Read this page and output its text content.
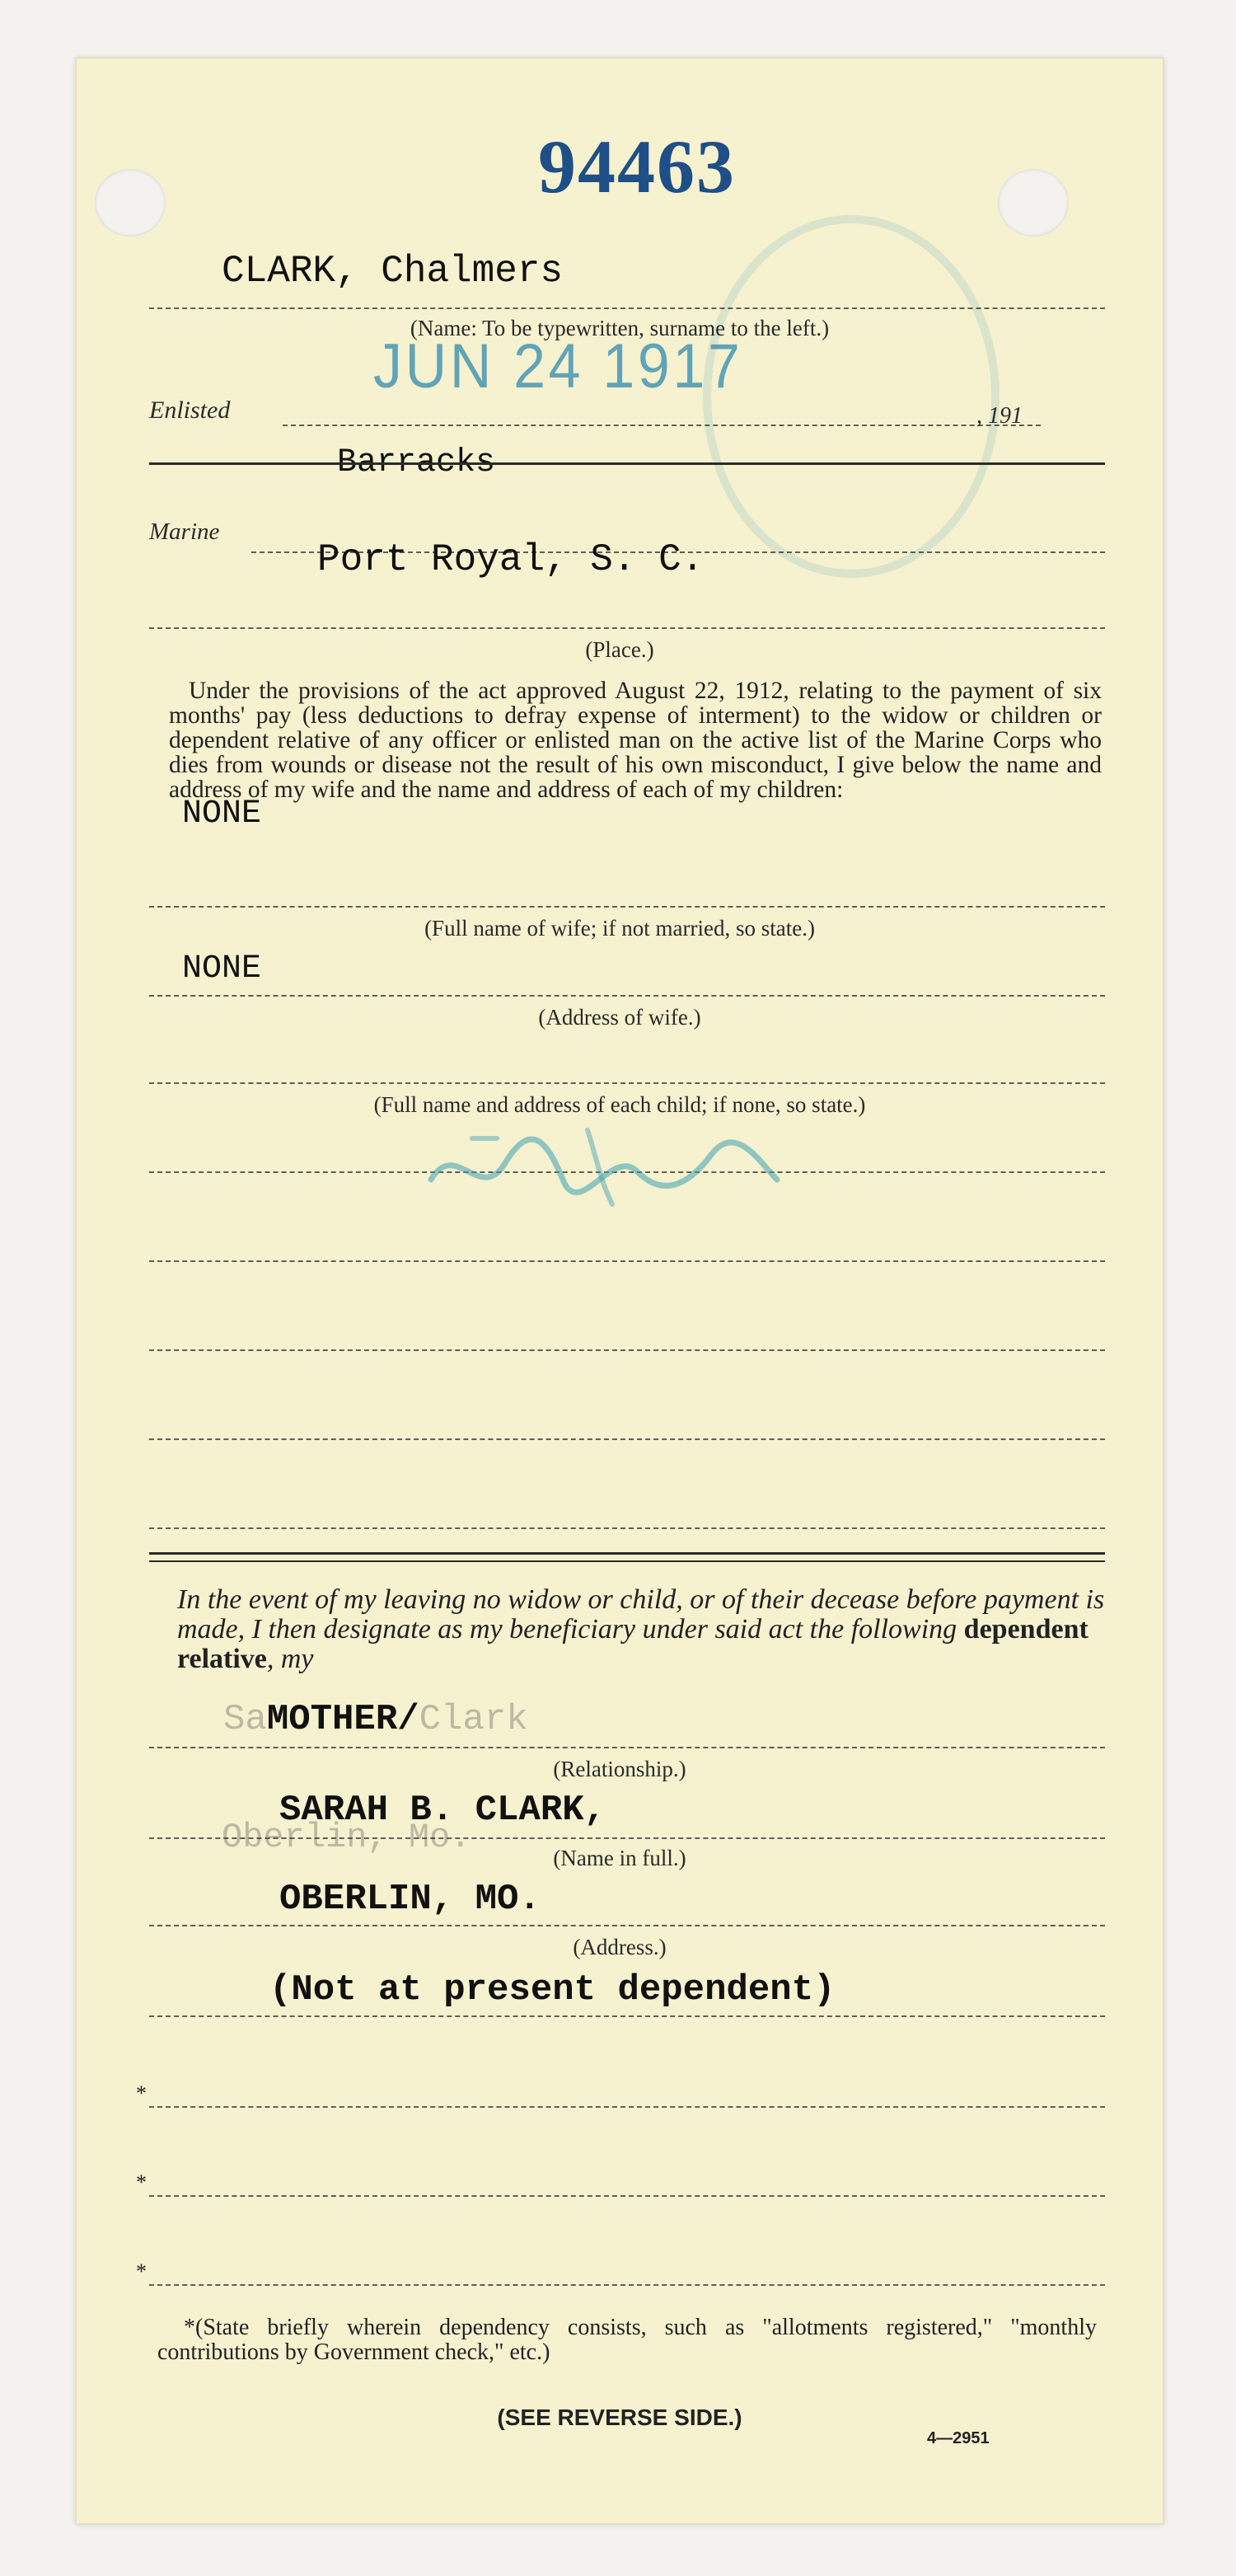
94463
CLARK, Chalmers
(Name: To be typewritten, surname to the left.)
JUN 24 1917
Enlisted	, 191
Barracks
Marine
Port Royal, S. C.
(Place.)
Under the provisions of the act approved August 22, 1912, relating to the payment of six months' pay (less deductions to defray expense of interment) to the widow or children or dependent relative of any officer or enlisted man on the active list of the Marine Corps who dies from wounds or disease not the result of his own misconduct, I give below the name and address of my wife and the name and address of each of my children:
NONE
(Full name of wife; if not married, so state.)
NONE
(Address of wife.)
(Full name and address of each child; if none, so state.)
In the event of my leaving no widow or child, or of their decease before payment is made, I then designate as my beneficiary under said act the following dependent relative, my
SaMOTHER/Clark
(Relationship.)
Oberlin, Mo.
SARAH B. CLARK,
(Name in full.)
OBERLIN, MO.
(Address.)
(Not at present dependent)
*
*
*
*(State briefly wherein dependency consists, such as "allotments registered," "monthly contributions by Government check," etc.)
(SEE REVERSE SIDE.)
4—2951
